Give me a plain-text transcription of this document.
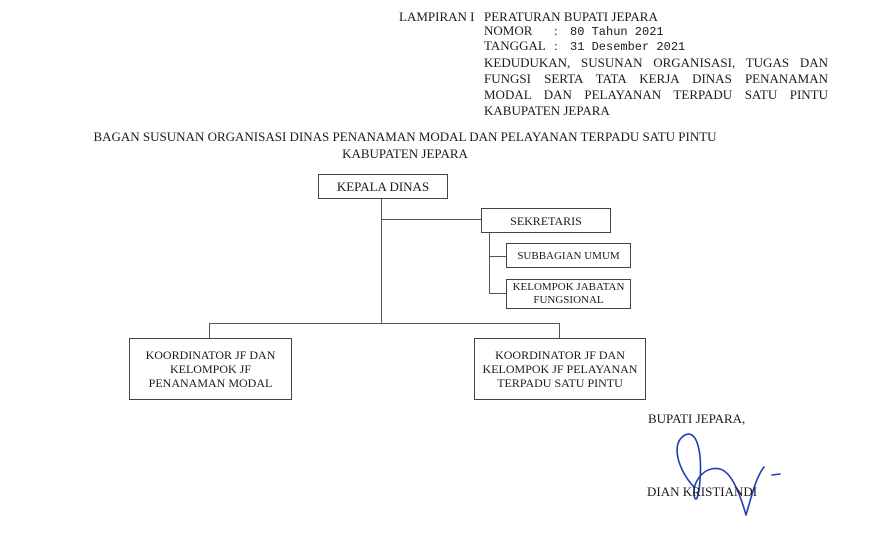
LAMPIRAN I PERATURAN BUPATI JEPARA
NOMOR : 80 Tahun 2021
TANGGAL : 31 Desember 2021
KEDUDUKAN, SUSUNAN ORGANISASI, TUGAS DAN
FUNGSI SERTA TATA KERJA DINAS PENANAMAN
MODAL DAN PELAYANAN TERPADU SATU PINTU
KABUPATEN JEPARA
BAGAN SUSUNAN ORGANISASI DINAS PENANAMAN MODAL DAN PELAYANAN TERPADU SATU PINTU
KABUPATEN JEPARA
KEPALA DINAS
SEKRETARIS
SUBBAGIAN UMUM
KELOMPOK JABATAN
FUNGSIONAL
KOORDINATOR JF DAN
KELOMPOK JF
PENANAMAN MODAL
KOORDINATOR JF DAN
KELOMPOK JF PELAYANAN
TERPADU SATU PINTU
BUPATI JEPARA,
DIAN KRISTIANDI
